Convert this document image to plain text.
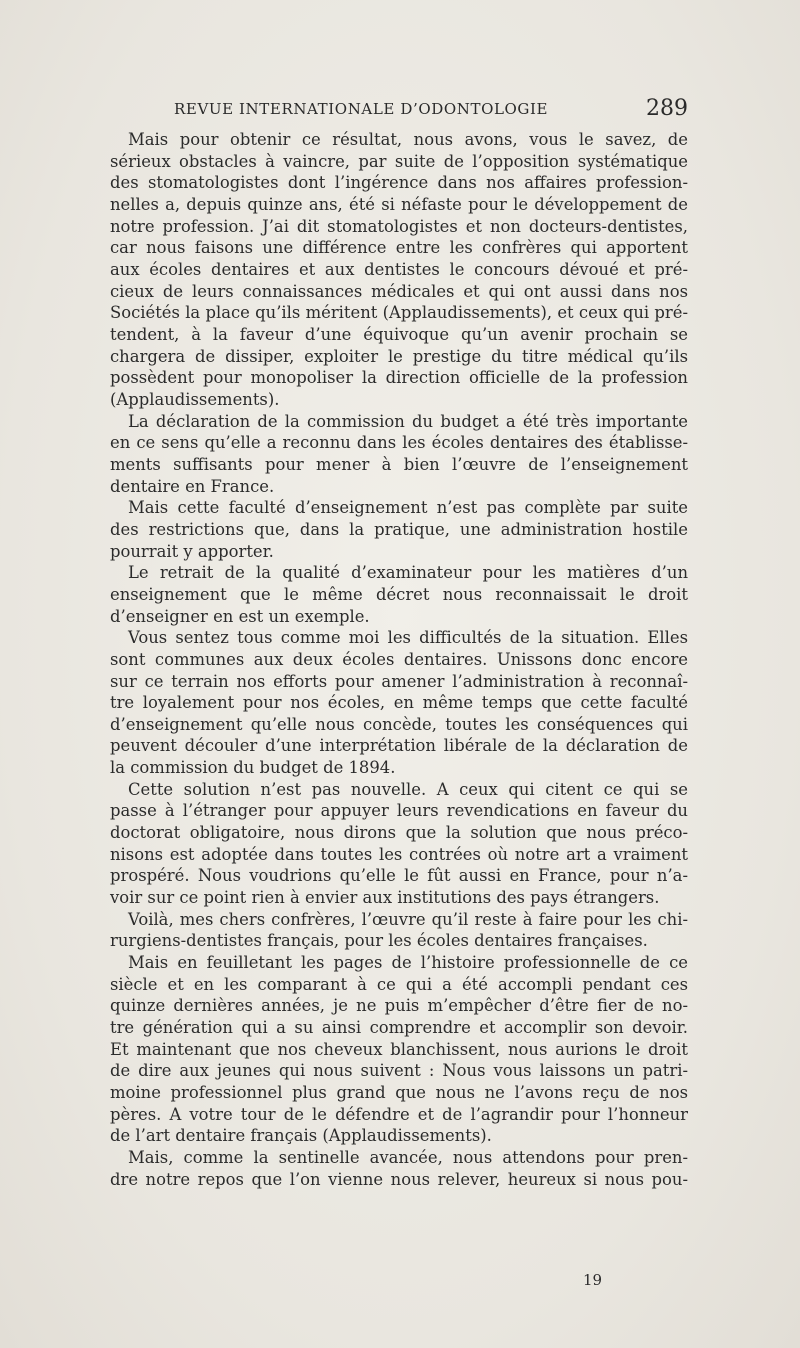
REVUE INTERNATIONALE D’ODONTOLOGIE	289
Mais pour obtenir ce résultat, nous avons, vous le savez, de
sérieux obstacles à vaincre, par suite de l’opposition systématique
des stomatologistes dont l’ingérence dans nos affaires profession-
nelles a, depuis quinze ans, été si néfaste pour le développement de
notre profession. J’ai dit stomatologistes et non docteurs-dentistes,
car nous faisons une différence entre les confrères qui apportent
aux écoles dentaires et aux dentistes le concours dévoué et pré-
cieux de leurs connaissances médicales et qui ont aussi dans nos
Sociétés la place qu’ils méritent (Applaudissements), et ceux qui pré-
tendent, à la faveur d’une équivoque qu’un avenir prochain se
chargera de dissiper, exploiter le prestige du titre médical qu’ils
possèdent pour monopoliser la direction officielle de la profession
(Applaudissements).
La déclaration de la commission du budget a été très importante
en ce sens qu’elle a reconnu dans les écoles dentaires des établisse-
ments suffisants pour mener à bien l’œuvre de l’enseignement
dentaire en France.
Mais cette faculté d’enseignement n’est pas complète par suite
des restrictions que, dans la pratique, une administration hostile
pourrait y apporter.
Le retrait de la qualité d’examinateur pour les matières d’un
enseignement que le même décret nous reconnaissait le droit
d’enseigner en est un exemple.
Vous sentez tous comme moi les difficultés de la situation. Elles
sont communes aux deux écoles dentaires. Unissons donc encore
sur ce terrain nos efforts pour amener l’administration à reconnaî-
tre loyalement pour nos écoles, en même temps que cette faculté
d’enseignement qu’elle nous concède, toutes les conséquences qui
peuvent découler d’une interprétation libérale de la déclaration de
la commission du budget de 1894.
Cette solution n’est pas nouvelle. A ceux qui citent ce qui se
passe à l’étranger pour appuyer leurs revendications en faveur du
doctorat obligatoire, nous dirons que la solution que nous préco-
nisons est adoptée dans toutes les contrées où notre art a vraiment
prospéré. Nous voudrions qu’elle le fût aussi en France, pour n’a-
voir sur ce point rien à envier aux institutions des pays étrangers.
Voilà, mes chers confrères, l’œuvre qu’il reste à faire pour les chi-
rurgiens-dentistes français, pour les écoles dentaires françaises.
Mais en feuilletant les pages de l’histoire professionnelle de ce
siècle et en les comparant à ce qui a été accompli pendant ces
quinze dernières années, je ne puis m’empêcher d’être fier de no-
tre génération qui a su ainsi comprendre et accomplir son devoir.
Et maintenant que nos cheveux blanchissent, nous aurions le droit
de dire aux jeunes qui nous suivent : Nous vous laissons un patri-
moine professionnel plus grand que nous ne l’avons reçu de nos
pères. A votre tour de le défendre et de l’agrandir pour l’honneur
de l’art dentaire français (Applaudissements).
Mais, comme la sentinelle avancée, nous attendons pour pren-
dre notre repos que l’on vienne nous relever, heureux si nous pou-
19
